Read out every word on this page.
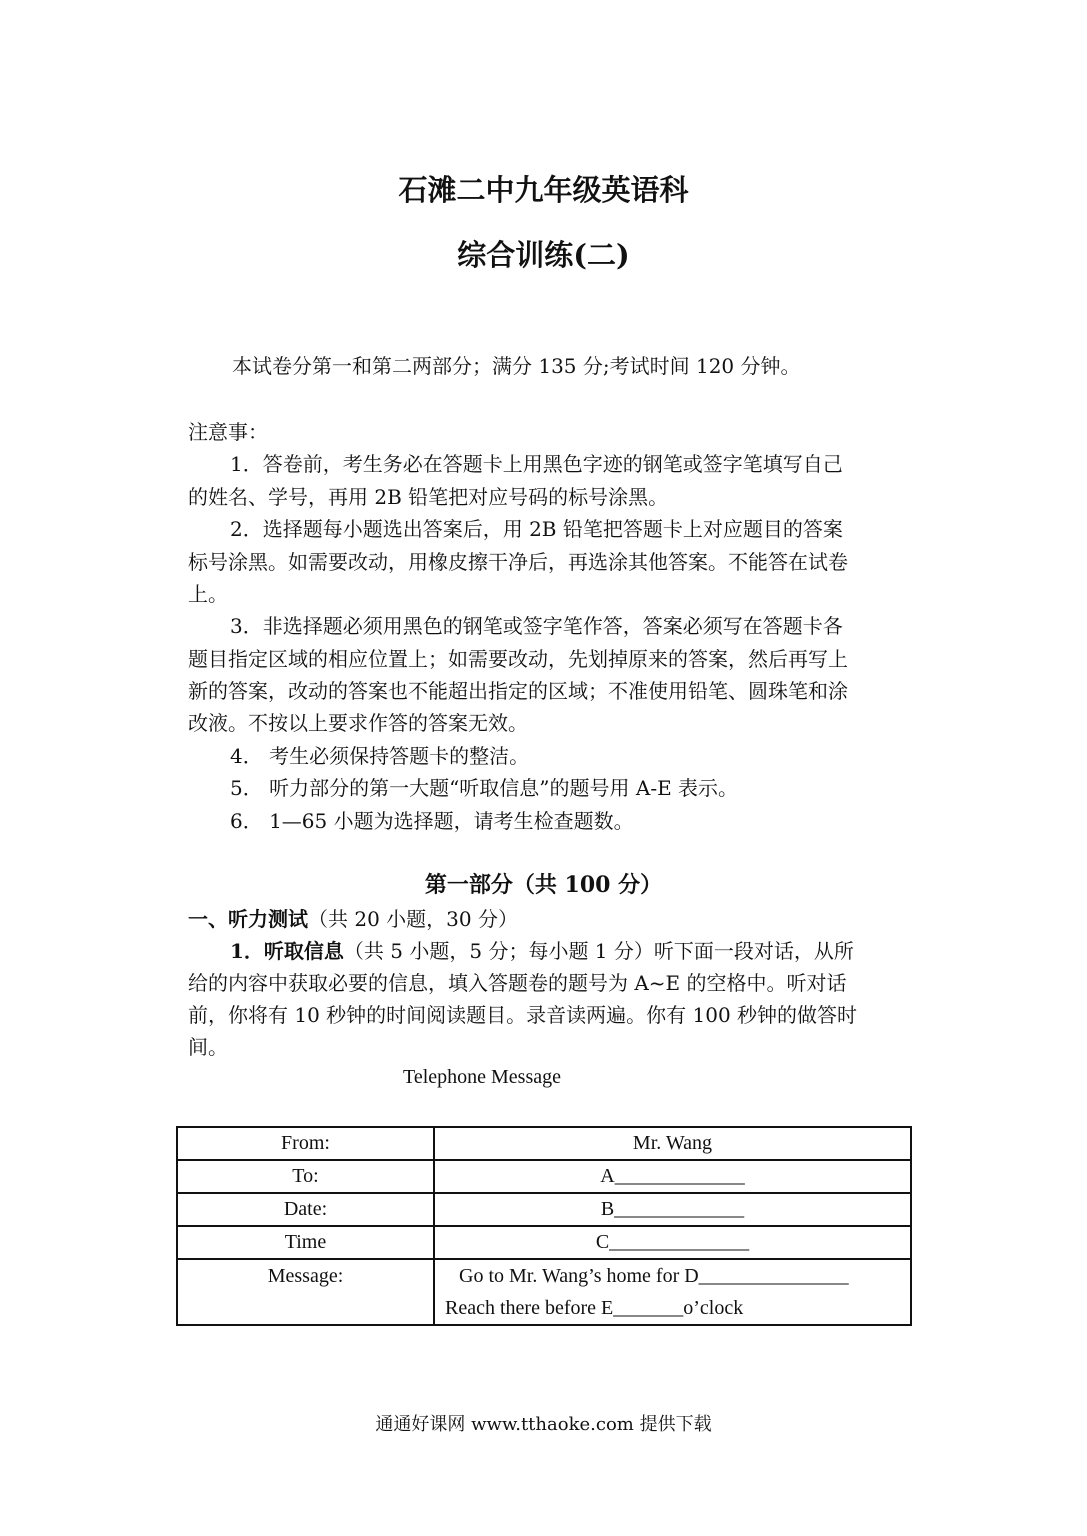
石滩二中九年级英语科
综合训练(二)
本试卷分第一和第二两部分；满分 135 分;考试时间 120 分钟。
注意事：
1．答卷前，考生务必在答题卡上用黑色字迹的钢笔或签字笔填写自己
的姓名、学号，再用 2B 铅笔把对应号码的标号涂黑。
2．选择题每小题选出答案后，用 2B 铅笔把答题卡上对应题目的答案
标号涂黑。如需要改动，用橡皮擦干净后，再选涂其他答案。不能答在试卷
上。
3．非选择题必须用黑色的钢笔或签字笔作答，答案必须写在答题卡各
题目指定区域的相应位置上；如需要改动，先划掉原来的答案，然后再写上
新的答案，改动的答案也不能超出指定的区域；不准使用铅笔、圆珠笔和涂
改液。不按以上要求作答的答案无效。
4． 考生必须保持答题卡的整洁。
5． 听力部分的第一大题“听取信息”的题号用 A-E 表示。
6． 1—65 小题为选择题，请考生检查题数。
第一部分（共 100 分）
一、听力测试（共 20 小题，30 分）
1．听取信息（共 5 小题，5 分；每小题 1 分）听下面一段对话，从所
给的内容中获取必要的信息，填入答题卷的题号为 A~E 的空格中。听对话
前，你将有 10 秒钟的时间阅读题目。录音读两遍。你有 100 秒钟的做答时
间。
Telephone Message
From:	Mr. Wang
To:	A_____________
Date:	B_____________
Time	C______________

Message:	Go to Mr. Wang’s home for D_______________
Reach there before E_______o’clock
通通好课网 www.tthaoke.com 提供下载
